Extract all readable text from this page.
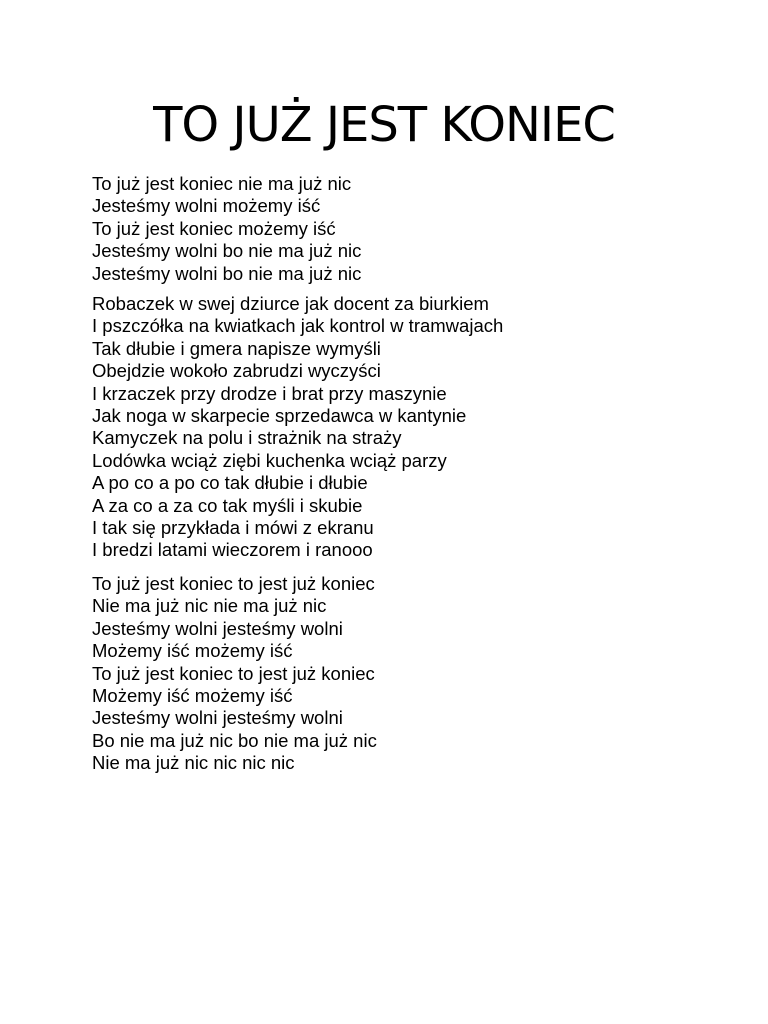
TO JUŻ JEST KONIEC
To już jest koniec nie ma już nic
Jesteśmy wolni możemy iść
To już jest koniec możemy iść
Jesteśmy wolni bo nie ma już nic
Jesteśmy wolni bo nie ma już nic
Robaczek w swej dziurce jak docent za biurkiem
I pszczółka na kwiatkach jak kontrol w tramwajach
Tak dłubie i gmera napisze wymyśli
Obejdzie wokoło zabrudzi wyczyści
I krzaczek przy drodze i brat przy maszynie
Jak noga w skarpecie sprzedawca w kantynie
Kamyczek na polu i strażnik na straży
Lodówka wciąż ziębi kuchenka wciąż parzy
A po co a po co tak dłubie i dłubie
A za co a za co tak myśli i skubie
I tak się przykłada i mówi z ekranu
I bredzi latami wieczorem i ranooo
To już jest koniec to jest już koniec
Nie ma już nic nie ma już nic
Jesteśmy wolni jesteśmy wolni
Możemy iść możemy iść
To już jest koniec to jest już koniec
Możemy iść możemy iść
Jesteśmy wolni jesteśmy wolni
Bo nie ma już nic bo nie ma już nic
Nie ma już nic nic nic nic
